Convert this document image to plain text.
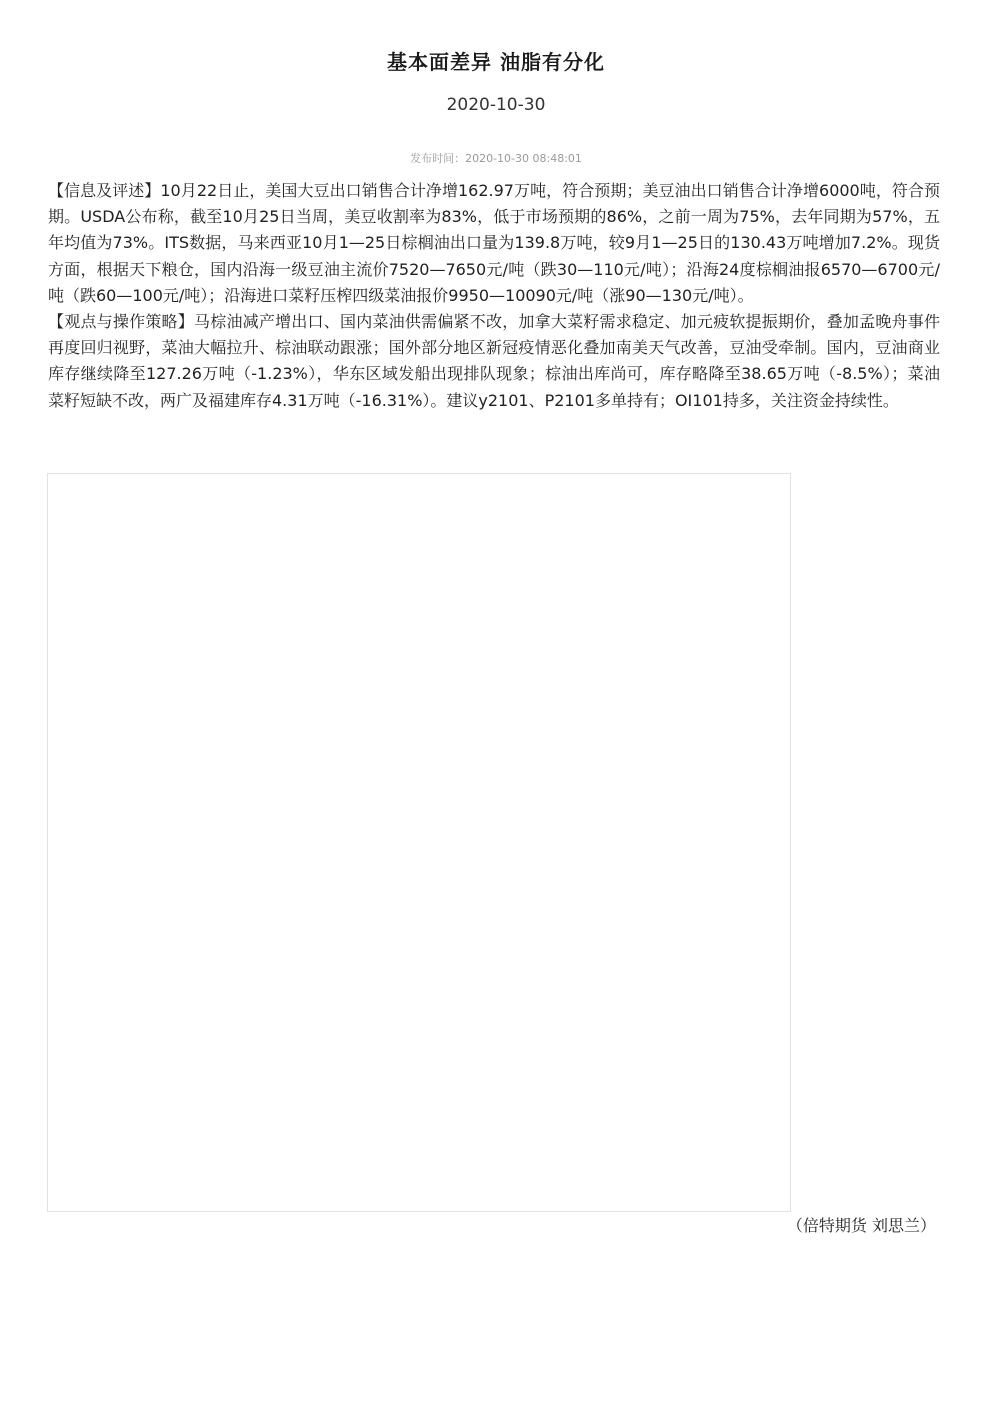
基本面差异 油脂有分化
2020-10-30
发布时间：2020-10-30 08:48:01

【信息及评述】10月22日止，美国大豆出口销售合计净增162.97万吨，符合预期；美豆油出口销售合计净增6000吨，符合预期。USDA公布称，截至10月25日当周，美豆收割率为83%，低于市场预期的86%，之前一周为75%，去年同期为57%，五年均值为73%。ITS数据，马来西亚10月1—25日棕榈油出口量为139.8万吨，较9月1—25日的130.43万吨增加7.2%。现货方面，根据天下粮仓，国内沿海一级豆油主流价7520—7650元/吨（跌30—110元/吨）；沿海24度棕榈油报6570—6700元/吨（跌60—100元/吨）；沿海进口菜籽压榨四级菜油报价9950—10090元/吨（涨90—130元/吨）。

【观点与操作策略】马棕油减产增出口、国内菜油供需偏紧不改，加拿大菜籽需求稳定、加元疲软提振期价，叠加孟晚舟事件再度回归视野，菜油大幅拉升、棕油联动跟涨；国外部分地区新冠疫情恶化叠加南美天气改善，豆油受牵制。国内，豆油商业库存继续降至127.26万吨（-1.23%），华东区域发船出现排队现象；棕油出库尚可，库存略降至38.65万吨（-8.5%）；菜油菜籽短缺不改，两广及福建库存4.31万吨（-16.31%）。建议y2101、P2101多单持有；OI101持多，关注资金持续性。

（倍特期货 刘思兰）
